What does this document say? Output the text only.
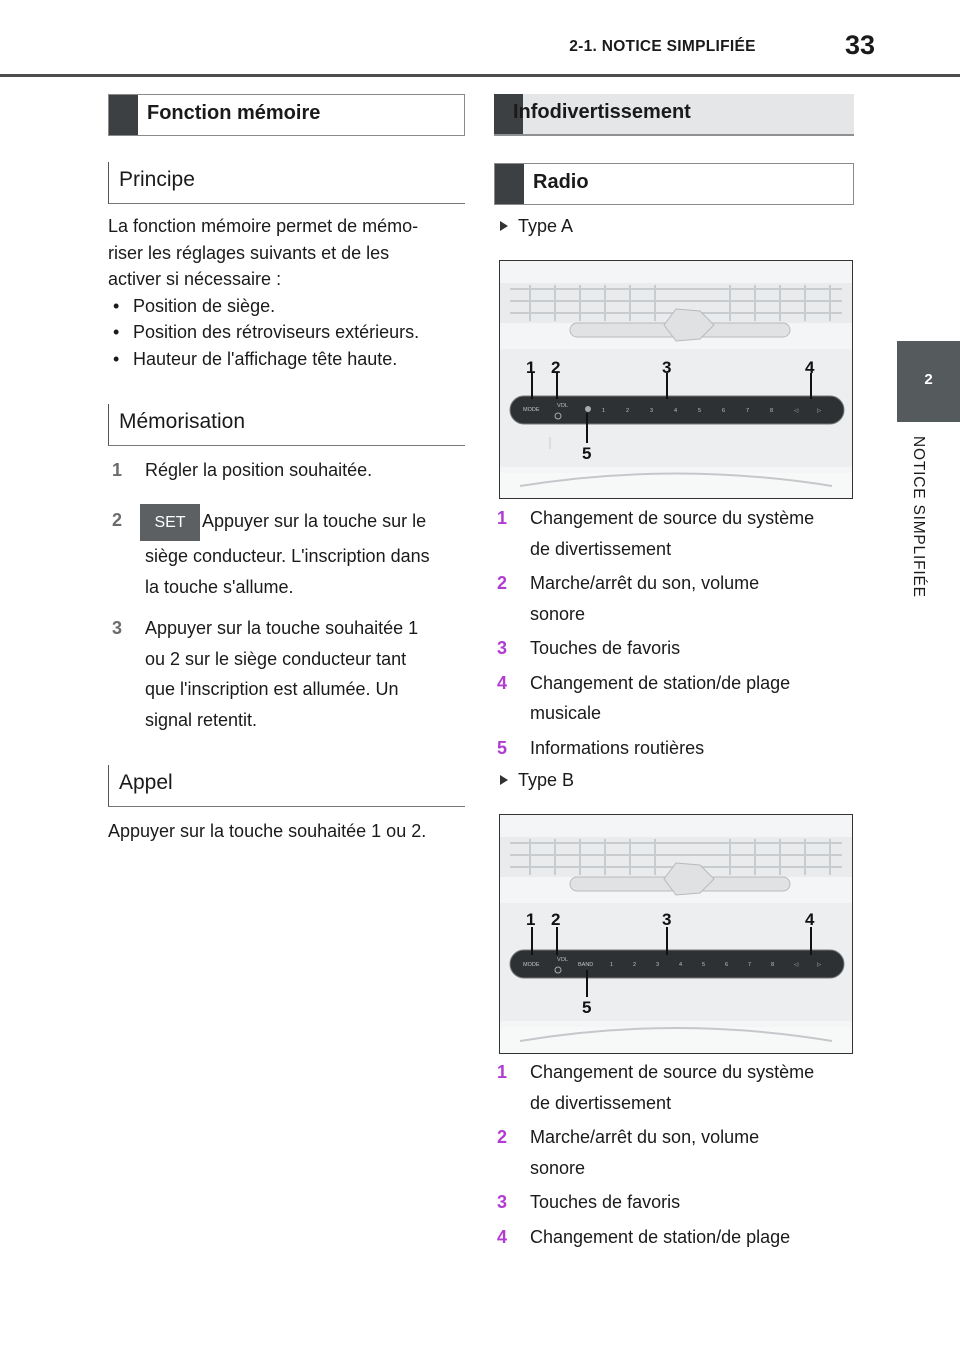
2-1. NOTICE SIMPLIFIÉE	33
2
NOTICE SIMPLIFIÉE
Fonction mémoire
Principe
La fonction mémoire permet de mémo-
riser les réglages suivants et de les
activer si nécessaire :
• Position de siège.
• Position des rétroviseurs extérieurs.
• Hauteur de l'affichage tête haute.
Mémorisation
1	Régler la position souhaitée.
2	SET Appuyer sur la touche sur le
siège conducteur. L'inscription dans
la touche s'allume.
3	Appuyer sur la touche souhaitée 1
ou 2 sur le siège conducteur tant
que l'inscription est allumée. Un
signal retentit.
Appel
Appuyer sur la touche souhaitée 1 ou 2.
Infodivertissement
Radio
Type A
MODE
VOL
1	2	3	4	5	6	7	8	◁	▷
1 2	3	4
5
1 Changement de source du système
de divertissement
2 Marche/arrêt du son, volume
sonore
3 Touches de favoris
4 Changement de station/de plage
musicale
5 Informations routières
Type B
MODE
VOL
BAND	1	2	3	4	5	6	7	8	◁	▷
1 2	3	4
5
1 Changement de source du système
de divertissement
2 Marche/arrêt du son, volume
sonore
3 Touches de favoris
4 Changement de station/de plage
